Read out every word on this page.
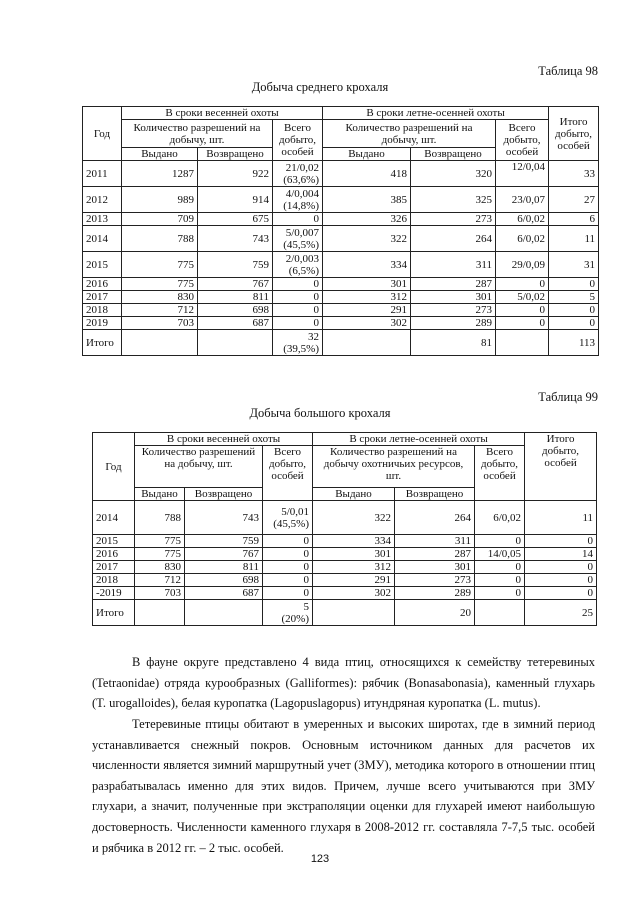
Таблица 98
Добыча среднего крохаля
Год	В сроки весенней охоты			В сроки летне-осенней охоты			Итого добыто, особей
	Количество разрешений на добычу, шт.		Всего добыто, особей	Количество разрешений на добычу, шт.		Всего добыто, особей	
	Выдано	Возвращено		Выдано	Возвращено		
2011	1287	922	21/0,02
(63,6%)	418	320	12/0,04	33
2012	989	914	4/0,004
(14,8%)	385	325	23/0,07	27
2013	709	675	0	326	273	6/0,02	6
2014	788	743	5/0,007
(45,5%)	322	264	6/0,02	11
2015	775	759	2/0,003
(6,5%)	334	311	29/0,09	31
2016	775	767	0	301	287	0	0
2017	830	811	0	312	301	5/0,02	5
2018	712	698	0	291	273	0	0
2019	703	687	0	302	289	0	0
Итого			32
(39,5%)		81		113
Таблица 99
Добыча большого крохаля
Год	В сроки весенней охоты			В сроки летне-осенней охоты			Итого добыто, особей
	Количество разрешений на добычу, шт.		Всего добыто, особей	Количество разрешений на добычу охотничьих ресурсов, шт.		Всего добыто, особей	
	Выдано	Возвращено		Выдано	Возвращено		
2014	788	743	5/0,01
(45,5%)	322	264	6/0,02	11
2015	775	759	0	334	311	0	0
2016	775	767	0	301	287	14/0,05	14
2017	830	811	0	312	301	0	0
2018	712	698	0	291	273	0	0
-2019	703	687	0	302	289	0	0
Итого			5
(20%)		20		25
В фауне округе представлено 4 вида птиц, относящихся к семейству тетеревиных (Tetraonidae) отряда курообразных (Galliformes): рябчик (Bonasabonasia), каменный глухарь (T. urogalloides), белая куропатка (Lagopuslagopus) итундряная куропатка (L. mutus).
Тетеревиные птицы обитают в умеренных и высоких широтах, где в зимний период устанавливается снежный покров. Основным источником данных для расчетов их численности является зимний маршрутный учет (ЗМУ), методика которого в отношении птиц разрабатывалась именно для этих видов. Причем, лучше всего учитываются при ЗМУ глухари, а значит, полученные при экстраполяции оценки для глухарей имеют наибольшую достоверность. Численности каменного глухаря в 2008-2012 гг. составляла 7-7,5 тыс. особей и рябчика в 2012 гг. – 2 тыс. особей.
123
